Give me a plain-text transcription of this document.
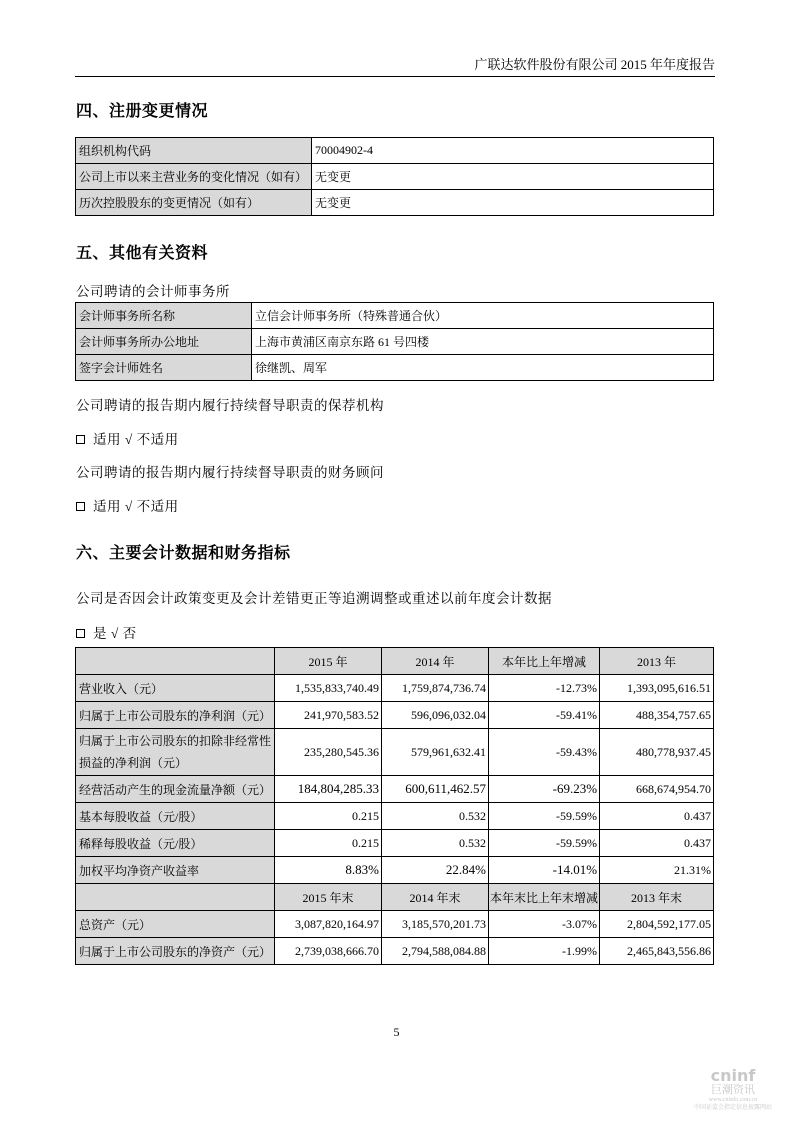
广联达软件股份有限公司 2015 年年度报告
四、注册变更情况
组织机构代码	70004902-4
公司上市以来主营业务的变化情况（如有）	无变更
历次控股股东的变更情况（如有）	无变更
五、其他有关资料
公司聘请的会计师事务所
会计师事务所名称	立信会计师事务所（特殊普通合伙）
会计师事务所办公地址	上海市黄浦区南京东路 61 号四楼
签字会计师姓名	徐继凯、周军
公司聘请的报告期内履行持续督导职责的保荐机构
适用 √ 不适用
公司聘请的报告期内履行持续督导职责的财务顾问
适用 √ 不适用
六、主要会计数据和财务指标
公司是否因会计政策变更及会计差错更正等追溯调整或重述以前年度会计数据
是 √ 否
	2015 年	2014 年	本年比上年增减	2013 年
营业收入（元）	1,535,833,740.49	1,759,874,736.74	-12.73%	1,393,095,616.51
归属于上市公司股东的净利润（元）	241,970,583.52	596,096,032.04	-59.41%	488,354,757.65
归属于上市公司股东的扣除非经常性损益的净利润（元）	235,280,545.36	579,961,632.41	-59.43%	480,778,937.45
经营活动产生的现金流量净额（元）	184,804,285.33	600,611,462.57	-69.23%	668,674,954.70
基本每股收益（元/股）	0.215	0.532	-59.59%	0.437
稀释每股收益（元/股）	0.215	0.532	-59.59%	0.437
加权平均净资产收益率	8.83%	22.84%	-14.01%	21.31%
	2015 年末	2014 年末	本年末比上年末增减	2013 年末
总资产（元）	3,087,820,164.97	3,185,570,201.73	-3.07%	2,804,592,177.05
归属于上市公司股东的净资产（元）	2,739,038,666.70	2,794,588,084.88	-1.99%	2,465,843,556.86
5
cninf
巨潮资讯
www.cninfo.com.cn
中国证监会指定信息披露网站
